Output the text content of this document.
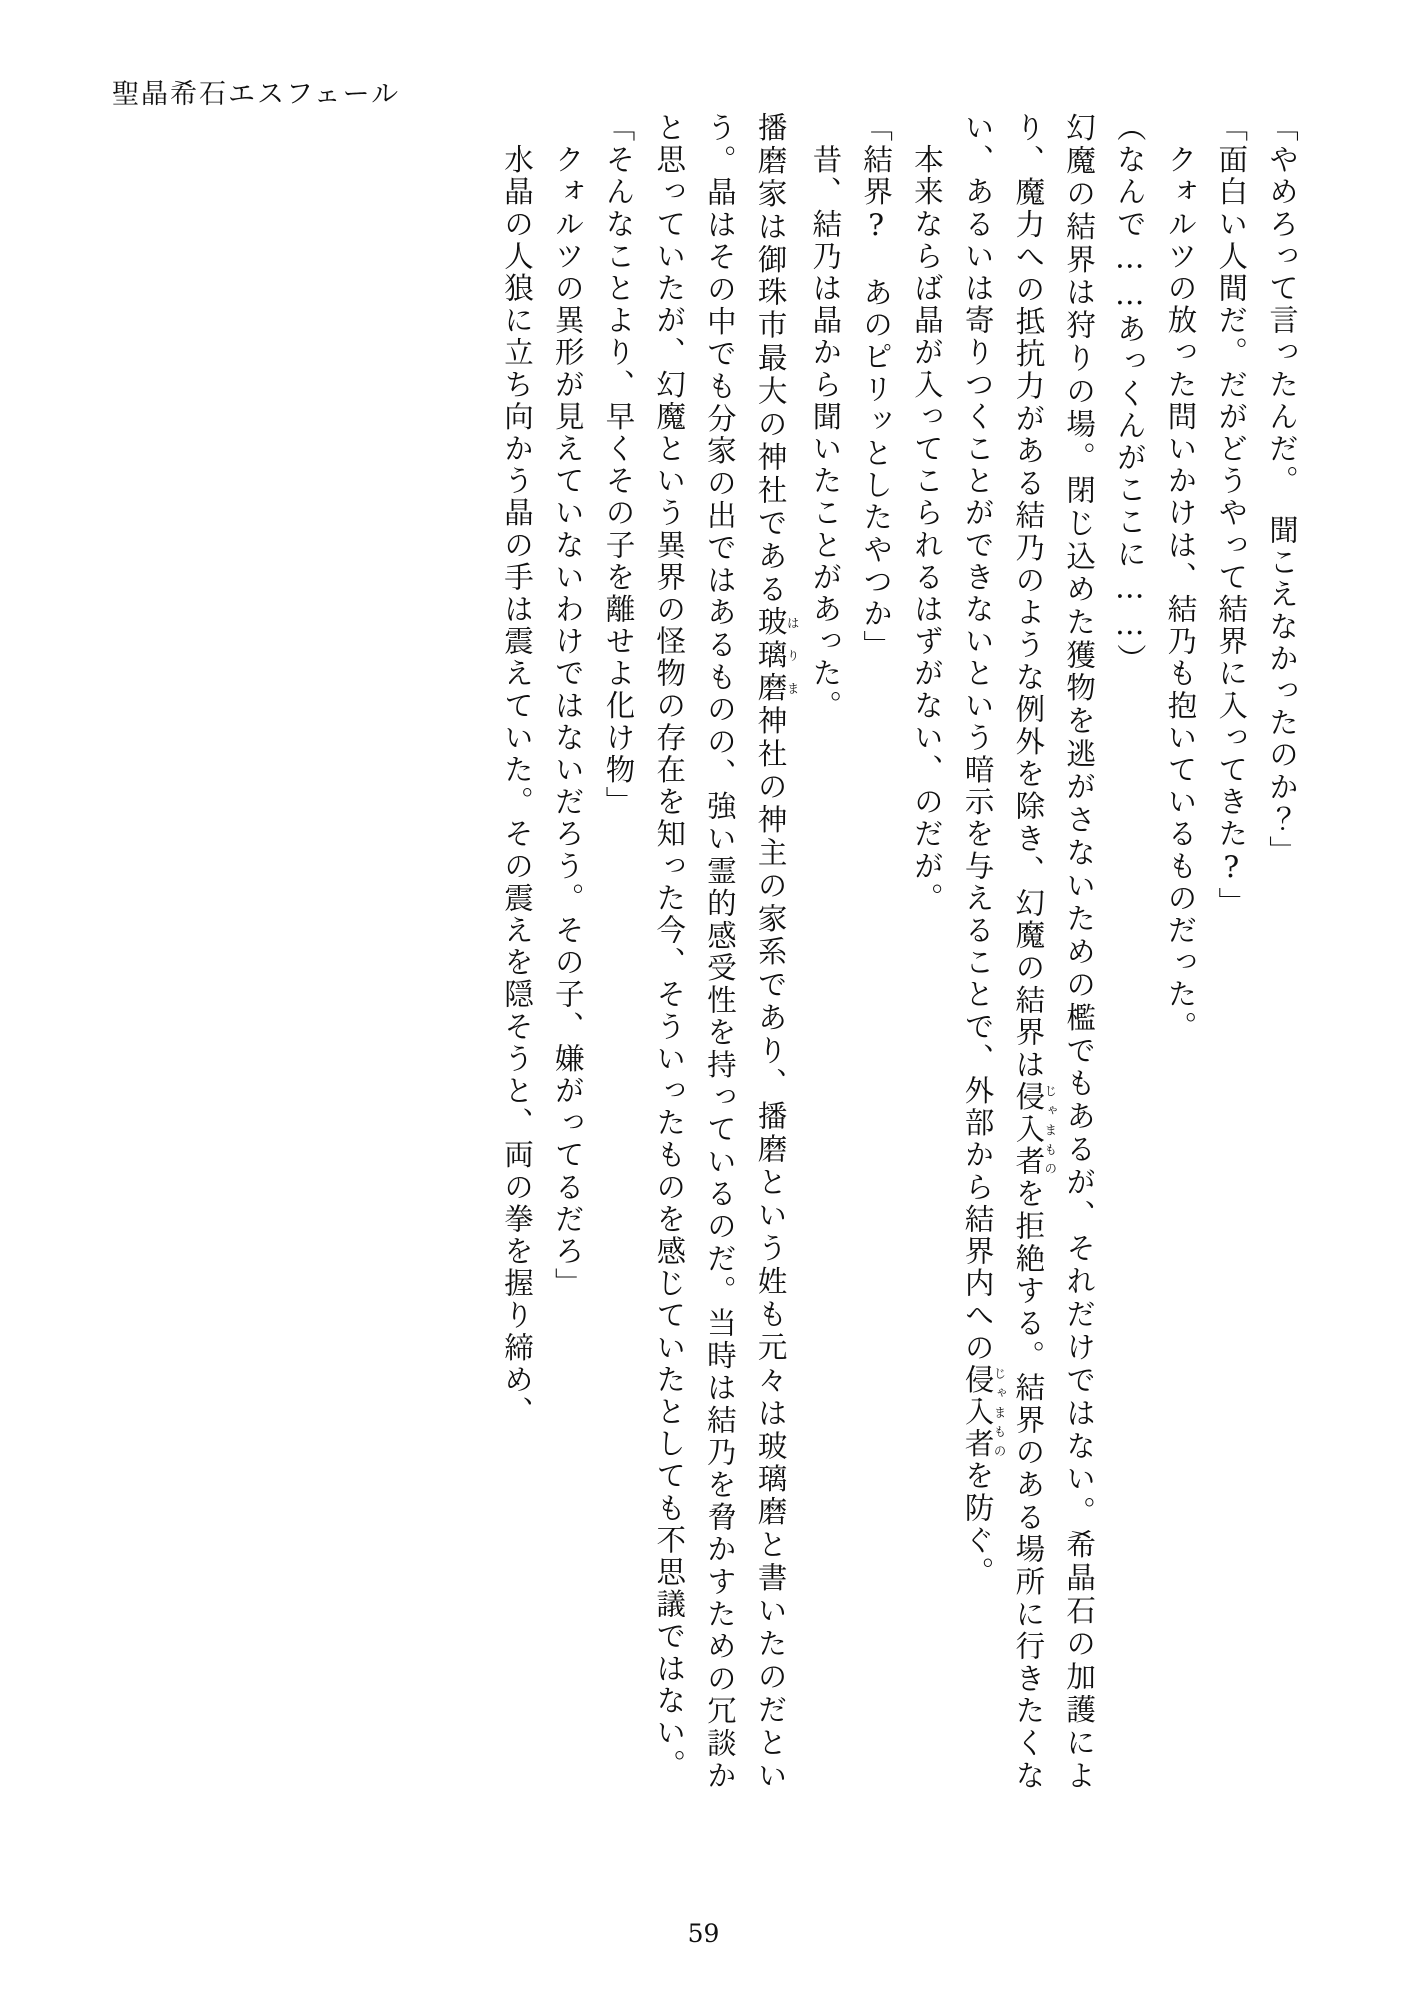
聖晶希石エスフェール

「やめろって言ったんだ。　聞こえなかったのか？」

「面白い人間だ。だがどうやって結界に入ってきた?」

　クォルツの放った問いかけは、結乃も抱いているものだった。

（なんで……あっくんがここに……）

幻魔の結界は狩りの場。閉じ込めた獲物を逃がさないための檻でもあるが、それだけではない。希晶石の加護により、魔力への抵抗力がある結乃のような例外を除き、幻魔の結界は侵入者じゃまものを拒絶する。結界のある場所に行きたくない、あるいは寄りつくことができないという暗示を与えることで、外部から結界内への侵入者じゃまものを防ぐ。

　本来ならば晶が入ってこられるはずがない、のだが。

「結界?　あのピリッとしたやつか」

　昔、結乃は晶から聞いたことがあった。

播磨家は御珠市最大の神社である玻璃磨はりま神社の神主の家系であり、播磨という姓も元々は玻璃磨と書いたのだという。晶はその中でも分家の出ではあるものの、強い霊的感受性を持っているのだ。当時は結乃を脅かすための冗談かと思っていたが、幻魔という異界の怪物の存在を知った今、そういったものを感じていたとしても不思議ではない。

「そんなことより、早くその子を離せよ化け物」

　クォルツの異形が見えていないわけではないだろう。その子、嫌がってるだろ」

　水晶の人狼に立ち向かう晶の手は震えていた。その震えを隠そうと、両の拳を握り締め、

59
